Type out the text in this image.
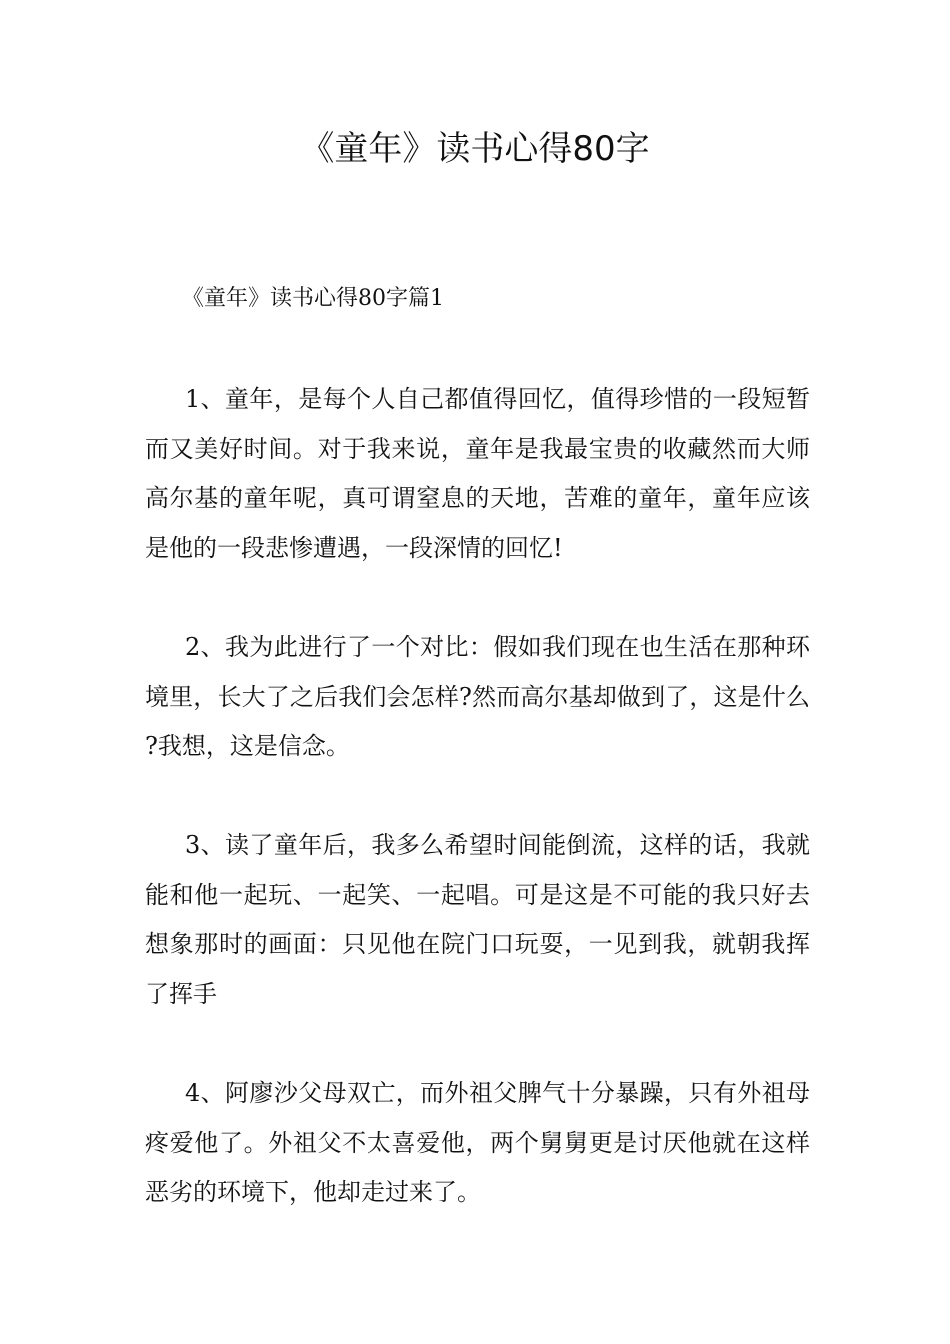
《童年》读书心得80字

《童年》读书心得80字篇1

1、童年，是每个人自己都值得回忆，值得珍惜的一段短暂而又美好时间。对于我来说，童年是我最宝贵的收藏然而大师高尔基的童年呢，真可谓窒息的天地，苦难的童年，童年应该是他的一段悲惨遭遇，一段深情的回忆!

2、我为此进行了一个对比：假如我们现在也生活在那种环境里，长大了之后我们会怎样?然而高尔基却做到了，这是什么?我想，这是信念。

3、读了童年后，我多么希望时间能倒流，这样的话，我就能和他一起玩、一起笑、一起唱。可是这是不可能的我只好去想象那时的画面：只见他在院门口玩耍，一见到我，就朝我挥了挥手

4、阿廖沙父母双亡，而外祖父脾气十分暴躁，只有外祖母疼爱他了。外祖父不太喜爱他，两个舅舅更是讨厌他就在这样恶劣的环境下，他却走过来了。
